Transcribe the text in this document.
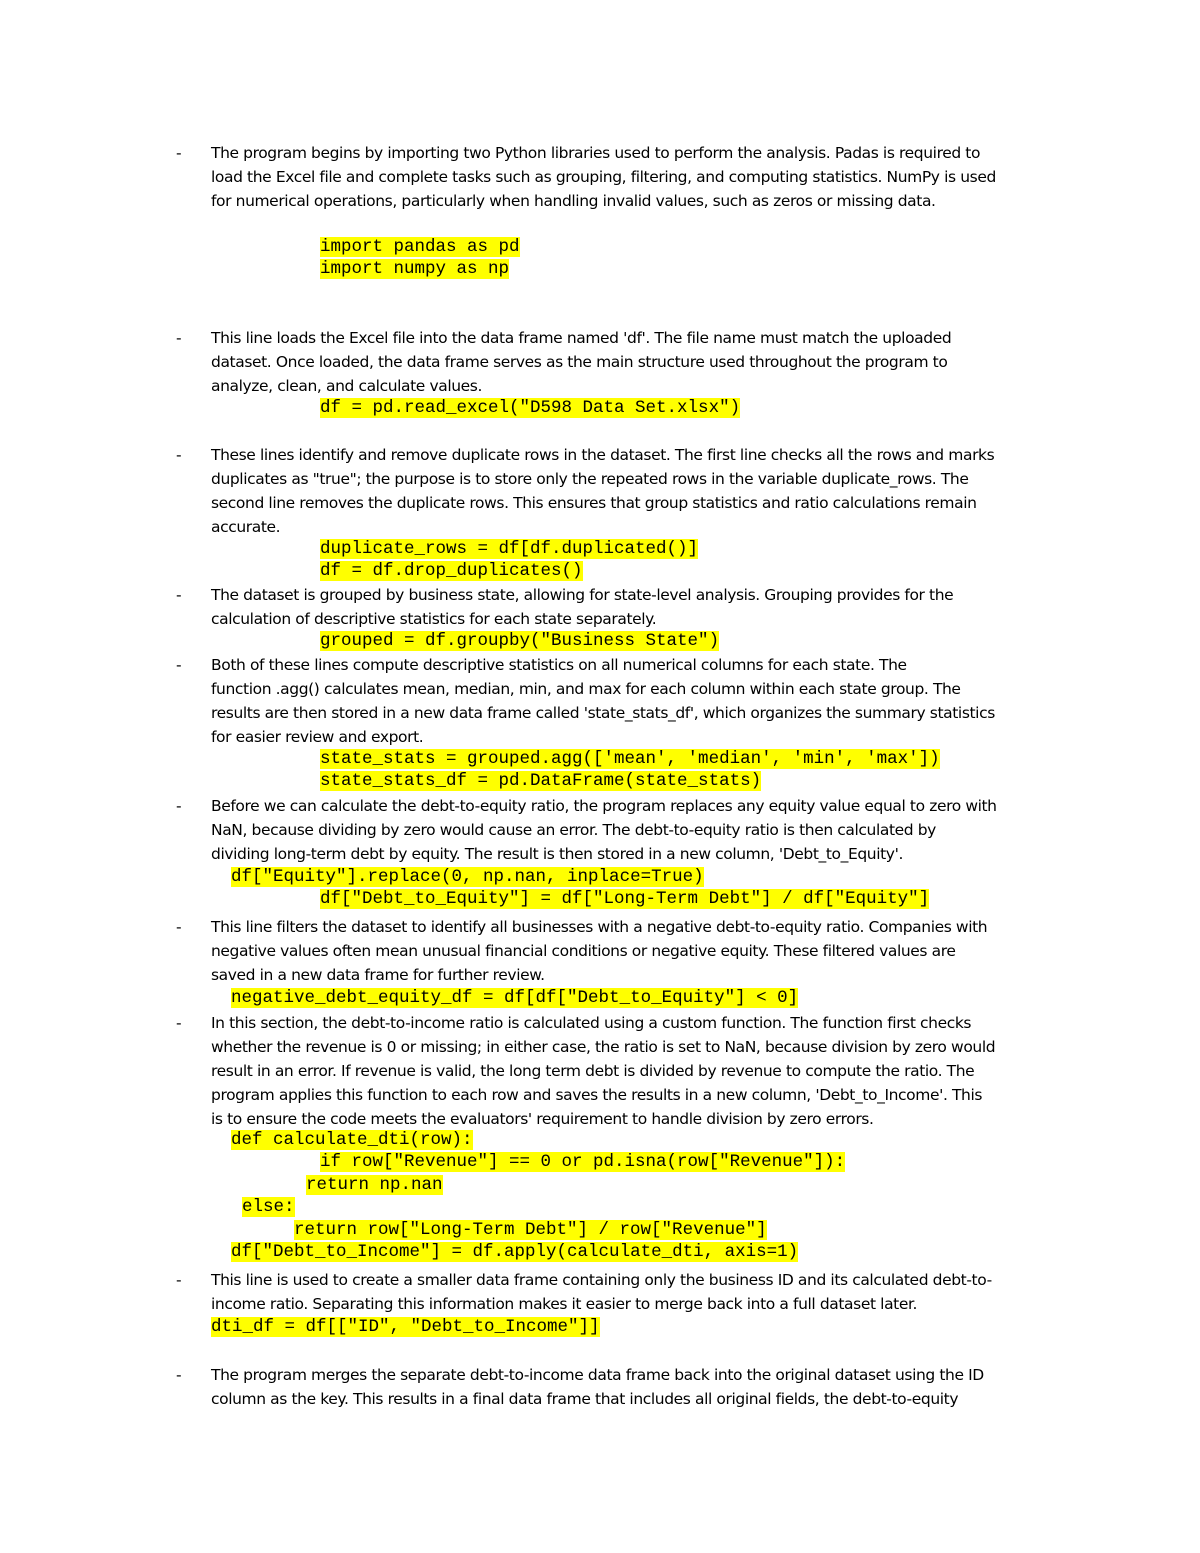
- The program begins by importing two Python libraries used to perform the analysis. Padas is required to
load the Excel file and complete tasks such as grouping, filtering, and computing statistics. NumPy is used
for numerical operations, particularly when handling invalid values, such as zeros or missing data.
import pandas as pd
import numpy as np
- This line loads the Excel file into the data frame named 'df'. The file name must match the uploaded
dataset. Once loaded, the data frame serves as the main structure used throughout the program to
analyze, clean, and calculate values.
df = pd.read_excel("D598 Data Set.xlsx")
- These lines identify and remove duplicate rows in the dataset. The first line checks all the rows and marks
duplicates as "true"; the purpose is to store only the repeated rows in the variable duplicate_rows. The
second line removes the duplicate rows. This ensures that group statistics and ratio calculations remain
accurate.
duplicate_rows = df[df.duplicated()]
df = df.drop_duplicates()
- The dataset is grouped by business state, allowing for state-level analysis. Grouping provides for the
calculation of descriptive statistics for each state separately.
grouped = df.groupby("Business State")
- Both of these lines compute descriptive statistics on all numerical columns for each state. The
function .agg() calculates mean, median, min, and max for each column within each state group. The
results are then stored in a new data frame called 'state_stats_df', which organizes the summary statistics
for easier review and export.
state_stats = grouped.agg(['mean', 'median', 'min', 'max'])
state_stats_df = pd.DataFrame(state_stats)
- Before we can calculate the debt-to-equity ratio, the program replaces any equity value equal to zero with
NaN, because dividing by zero would cause an error. The debt-to-equity ratio is then calculated by
dividing long-term debt by equity. The result is then stored in a new column, 'Debt_to_Equity'.
df["Equity"].replace(0, np.nan, inplace=True)
df["Debt_to_Equity"] = df["Long-Term Debt"] / df["Equity"]
- This line filters the dataset to identify all businesses with a negative debt-to-equity ratio. Companies with
negative values often mean unusual financial conditions or negative equity. These filtered values are
saved in a new data frame for further review.
negative_debt_equity_df = df[df["Debt_to_Equity"] < 0]
- In this section, the debt-to-income ratio is calculated using a custom function. The function first checks
whether the revenue is 0 or missing; in either case, the ratio is set to NaN, because division by zero would
result in an error. If revenue is valid, the long term debt is divided by revenue to compute the ratio. The
program applies this function to each row and saves the results in a new column, 'Debt_to_Income'. This
is to ensure the code meets the evaluators' requirement to handle division by zero errors.
def calculate_dti(row):
if row["Revenue"] == 0 or pd.isna(row["Revenue"]):
return np.nan
else:
return row["Long-Term Debt"] / row["Revenue"]
df["Debt_to_Income"] = df.apply(calculate_dti, axis=1)
- This line is used to create a smaller data frame containing only the business ID and its calculated debt-to-
income ratio. Separating this information makes it easier to merge back into a full dataset later.
dti_df = df[["ID", "Debt_to_Income"]]
- The program merges the separate debt-to-income data frame back into the original dataset using the ID
column as the key. This results in a final data frame that includes all original fields, the debt-to-equity
